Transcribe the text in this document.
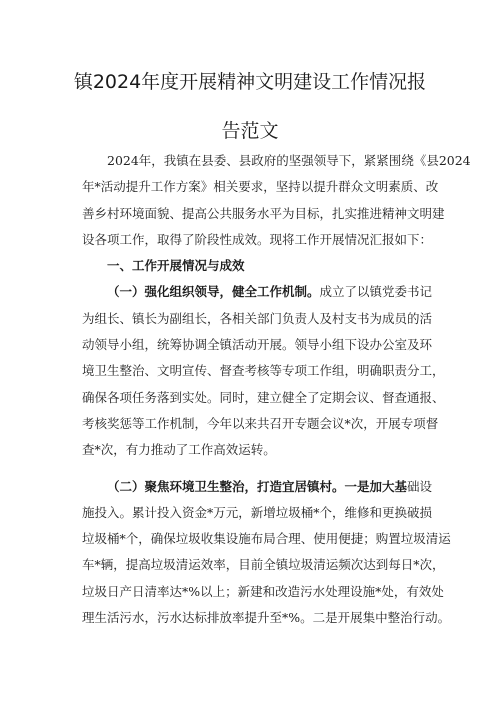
镇2024年度开展精神文明建设工作情况报
告范文
2024年，我镇在县委、县政府的坚强领导下，紧紧围绕《县2024
年*活动提升工作方案》相关要求，坚持以提升群众文明素质、改
善乡村环境面貌、提高公共服务水平为目标，扎实推进精神文明建
设各项工作，取得了阶段性成效。现将工作开展情况汇报如下：
一、工作开展情况与成效
（一）强化组织领导，健全工作机制。成立了以镇党委书记
为组长、镇长为副组长，各相关部门负责人及村支书为成员的活
动领导小组，统筹协调全镇活动开展。领导小组下设办公室及环
境卫生整治、文明宣传、督查考核等专项工作组，明确职责分工，
确保各项任务落到实处。同时，建立健全了定期会议、督查通报、
考核奖惩等工作机制，今年以来共召开专题会议*次，开展专项督
查*次，有力推动了工作高效运转。
（二）聚焦环境卫生整治，打造宜居镇村。一是加大基础设
施投入。累计投入资金*万元，新增垃圾桶*个，维修和更换破损
垃圾桶*个，确保垃圾收集设施布局合理、使用便捷；购置垃圾清运
车*辆，提高垃圾清运效率，目前全镇垃圾清运频次达到每日*次，
垃圾日产日清率达*%以上；新建和改造污水处理设施*处，有效处
理生活污水，污水达标排放率提升至*%。二是开展集中整治行动。
